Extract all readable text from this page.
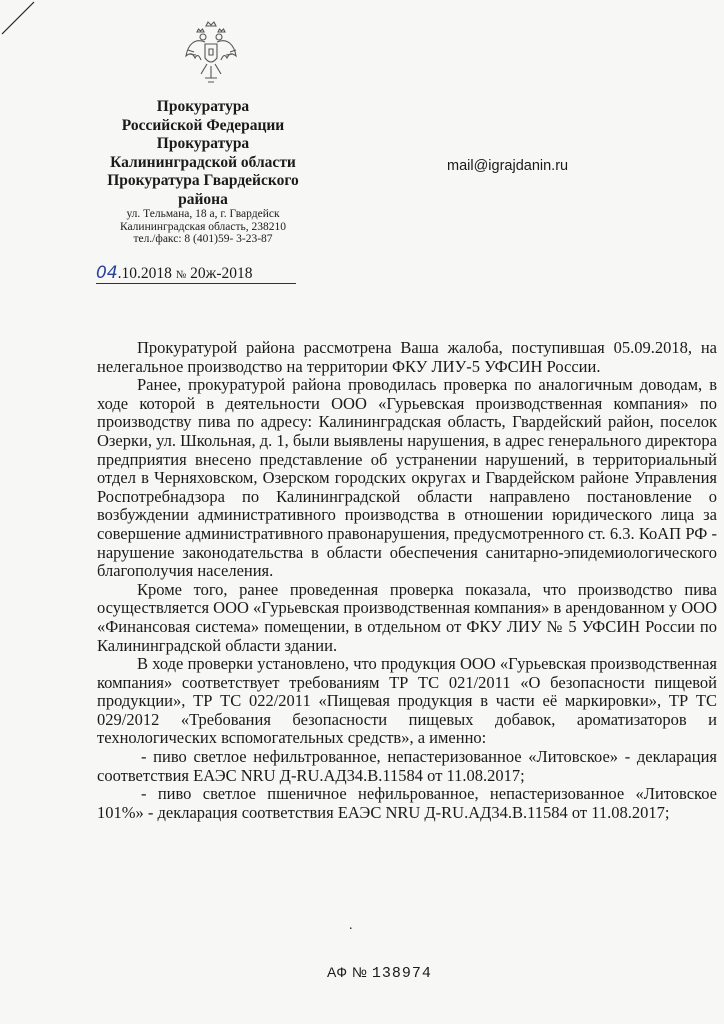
Прокуратура
Российской Федерации
Прокуратура
Калининградской области
Прокуратура Гвардейского
района
ул. Тельмана, 18 а, г. Гвардейск
Калининградская область, 238210
тел./факс: 8 (401)59- 3-23-87
mail@igrajdanin.ru
04.10.2018 № 20ж-2018

Прокуратурой района рассмотрена Ваша жалоба, поступившая 05.09.2018, на нелегальное производство на территории ФКУ ЛИУ-5 УФСИН России.

Ранее, прокуратурой района проводилась проверка по аналогичным доводам, в ходе которой в деятельности ООО «Гурьевская производственная компания» по производству пива по адресу: Калининградская область, Гвардейский район, поселок Озерки, ул. Школьная, д. 1, были выявлены нарушения, в адрес генерального директора предприятия внесено представление об устранении нарушений, в территориальный отдел в Черняховском, Озерском городских округах и Гвардейском районе Управления Роспотребнадзора по Калининградской области направлено постановление о возбуждении административного производства в отношении юридического лица за совершение административного правонарушения, предусмотренного ст. 6.3. КоАП РФ - нарушение законодательства в области обеспечения санитарно-эпидемиологического благополучия населения.

Кроме того, ранее проведенная проверка показала, что производство пива осуществляется ООО «Гурьевская производственная компания» в арендованном у ООО «Финансовая система» помещении, в отдельном от ФКУ ЛИУ № 5 УФСИН России по Калининградской области здании.

В ходе проверки установлено, что продукция ООО «Гурьевская производственная компания» соответствует требованиям ТР ТС 021/2011 «О безопасности пищевой продукции», ТР ТС 022/2011 «Пищевая продукция в части её маркировки», ТР ТС 029/2012 «Требования безопасности пищевых добавок, ароматизаторов и технологических вспомогательных средств», а именно:

- пиво светлое нефильтрованное, непастеризованное «Литовское» - декларация соответствия ЕАЭС NRU Д-RU.АД34.В.11584 от 11.08.2017;

- пиво светлое пшеничное нефильрованное, непастеризованное «Литовское 101%» - декларация соответствия ЕАЭС NRU Д-RU.АД34.В.11584 от 11.08.2017;

.
АФ № 138974
